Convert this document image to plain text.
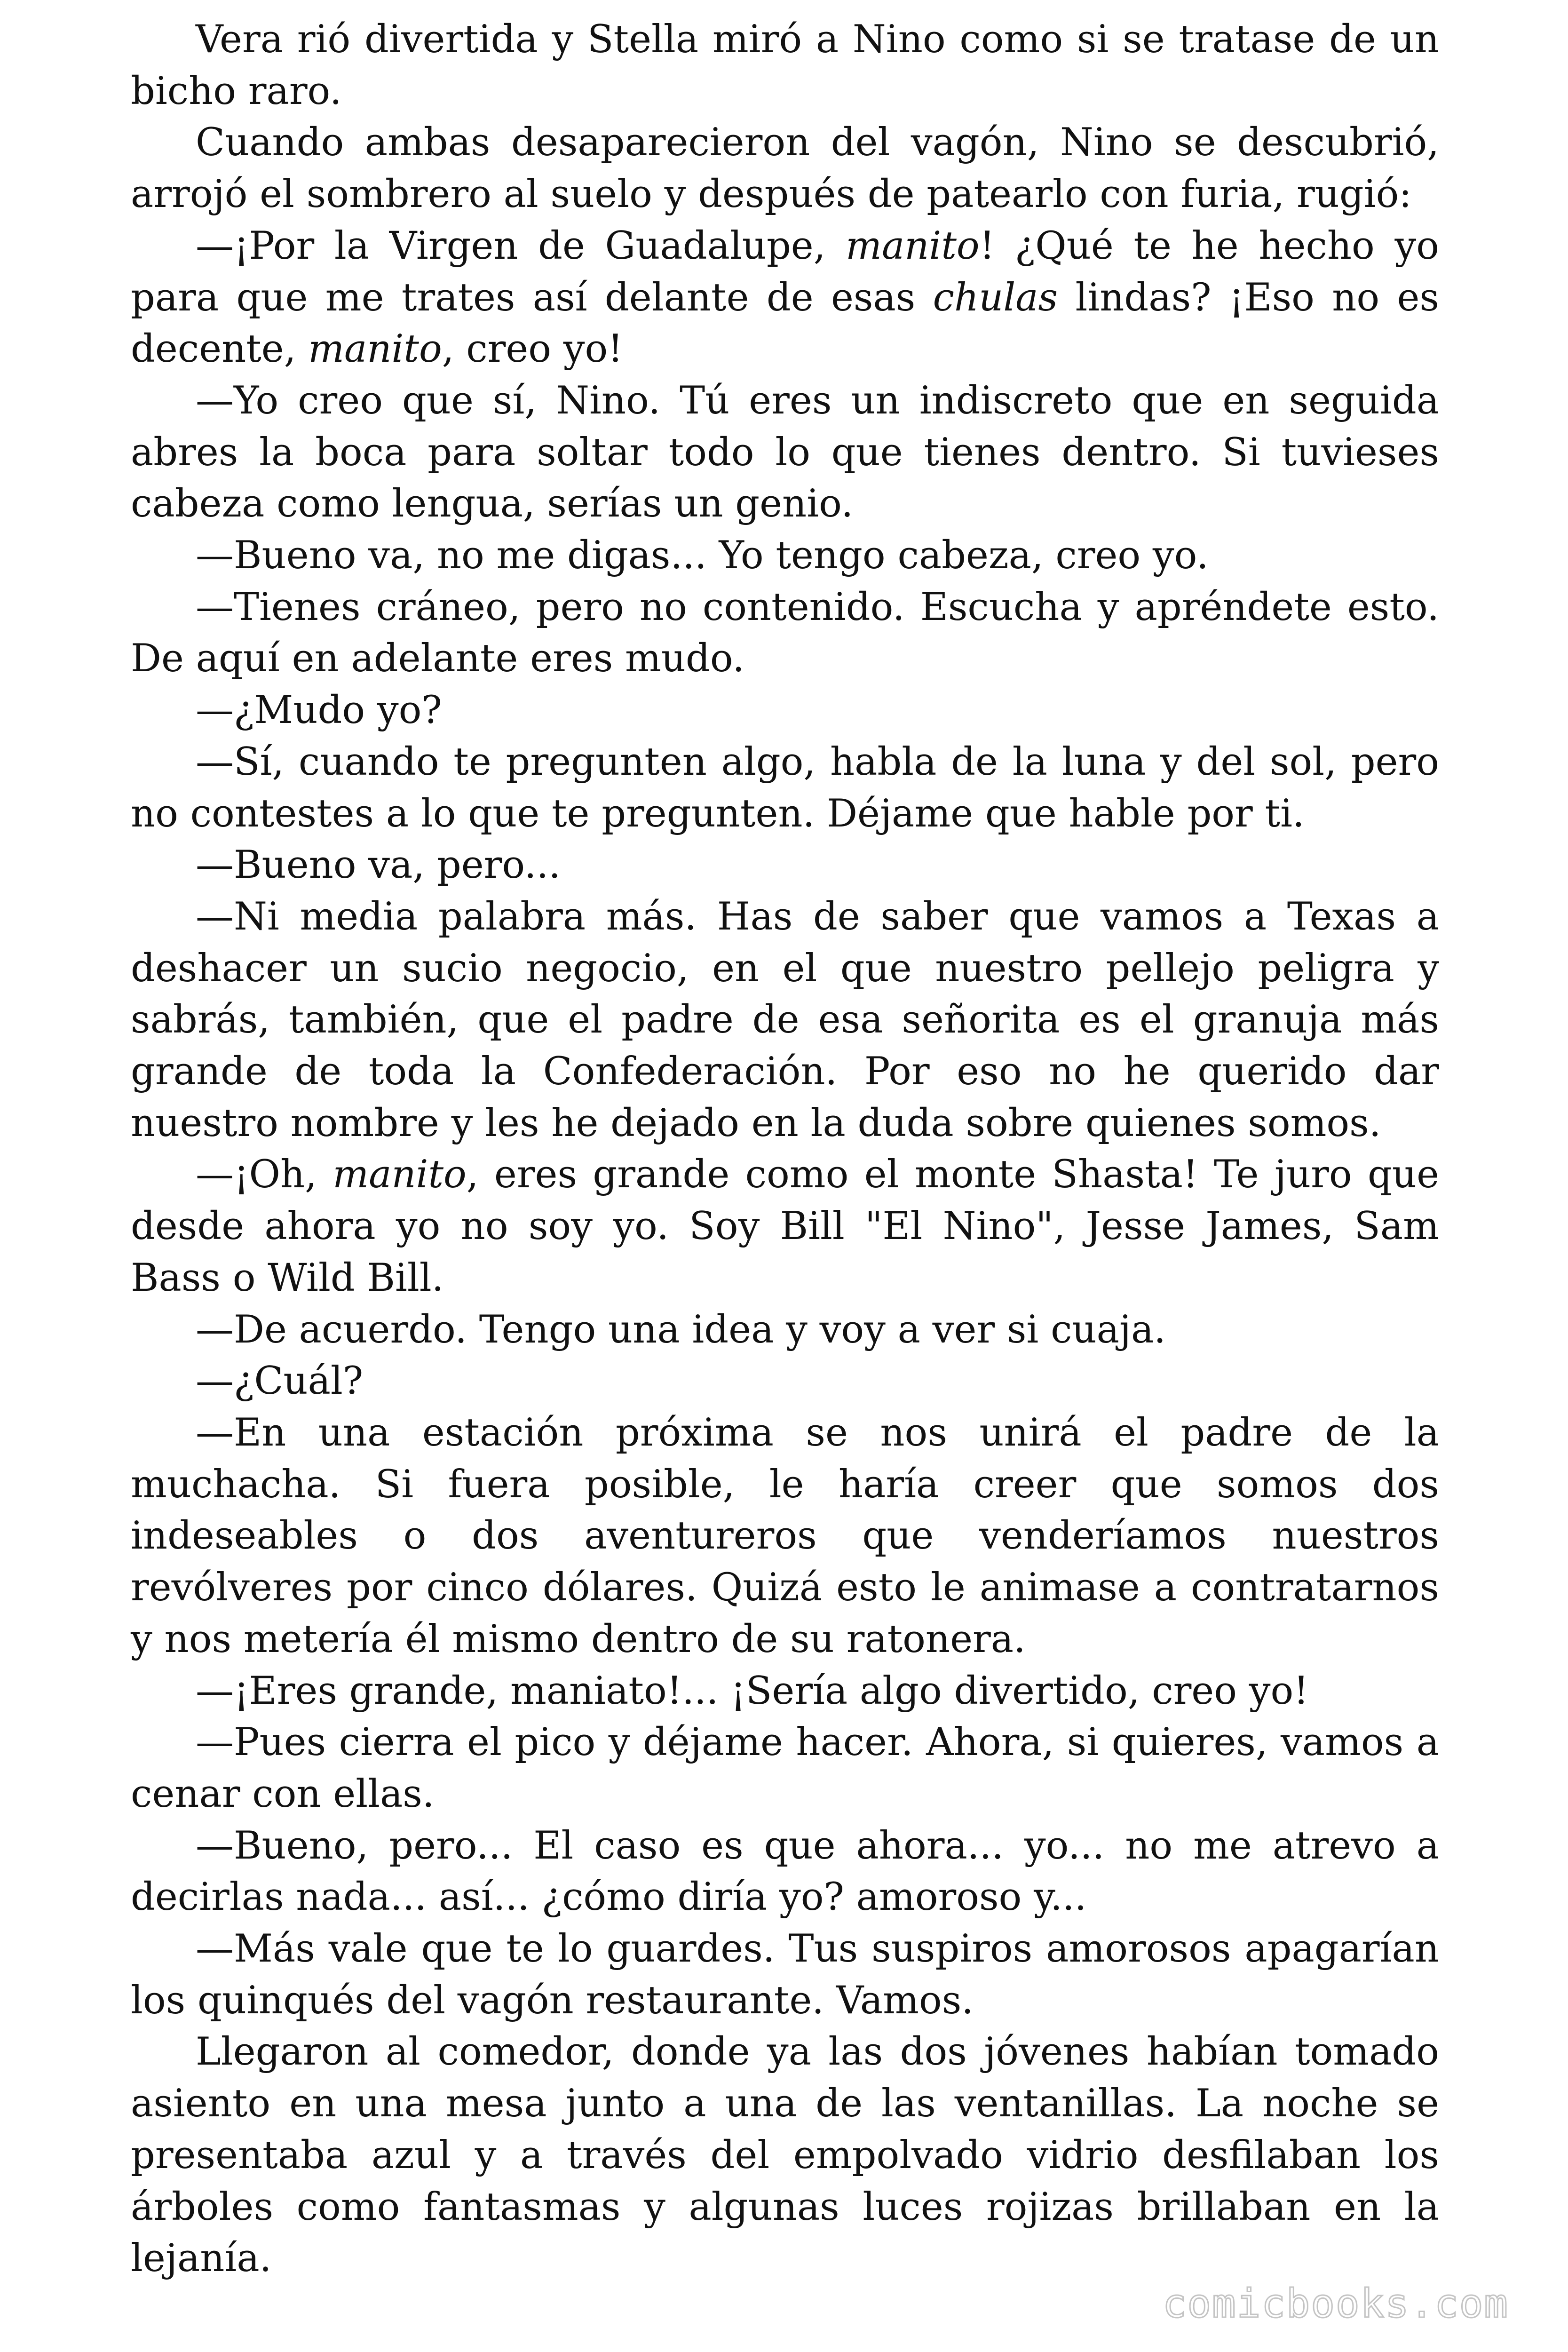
Vera rió divertida y Stella miró a Nino como si se tratase de un bicho raro.

Cuando ambas desaparecieron del vagón, Nino se descubrió, arrojó el sombrero al suelo y después de patearlo con furia, rugió:

—¡Por la Virgen de Guadalupe, manito! ¿Qué te he hecho yo para que me trates así delante de esas chulas lindas? ¡Eso no es decente, manito, creo yo!

—Yo creo que sí, Nino. Tú eres un indiscreto que en seguida abres la boca para soltar todo lo que tienes dentro. Si tuvieses cabeza como lengua, serías un genio.

—Bueno va, no me digas... Yo tengo cabeza, creo yo.

—Tienes cráneo, pero no contenido. Escucha y apréndete esto. De aquí en adelante eres mudo.

—¿Mudo yo?

—Sí, cuando te pregunten algo, habla de la luna y del sol, pero no contestes a lo que te pregunten. Déjame que hable por ti.

—Bueno va, pero...

—Ni media palabra más. Has de saber que vamos a Texas a deshacer un sucio negocio, en el que nuestro pellejo peligra y sabrás, también, que el padre de esa señorita es el granuja más grande de toda la Confederación. Por eso no he querido dar nuestro nombre y les he dejado en la duda sobre quienes somos.

—¡Oh, manito, eres grande como el monte Shasta! Te juro que desde ahora yo no soy yo. Soy Bill "El Nino", Jesse James, Sam Bass o Wild Bill.

—De acuerdo. Tengo una idea y voy a ver si cuaja.

—¿Cuál?

—En una estación próxima se nos unirá el padre de la muchacha. Si fuera posible, le haría creer que somos dos indeseables o dos aventureros que venderíamos nuestros revólveres por cinco dólares. Quizá esto le animase a contratarnos y nos metería él mismo dentro de su ratonera.

—¡Eres grande, maniato!... ¡Sería algo divertido, creo yo!

—Pues cierra el pico y déjame hacer. Ahora, si quieres, vamos a cenar con ellas.

—Bueno, pero... El caso es que ahora... yo... no me atrevo a decirlas nada... así... ¿cómo diría yo? amoroso y...

—Más vale que te lo guardes. Tus suspiros amorosos apagarían los quinqués del vagón restaurante. Vamos.

Llegaron al comedor, donde ya las dos jóvenes habían tomado asiento en una mesa junto a una de las ventanillas. La noche se presentaba azul y a través del empolvado vidrio desfilaban los árboles como fantasmas y algunas luces rojizas brillaban en la lejanía.

comicbooks.com
